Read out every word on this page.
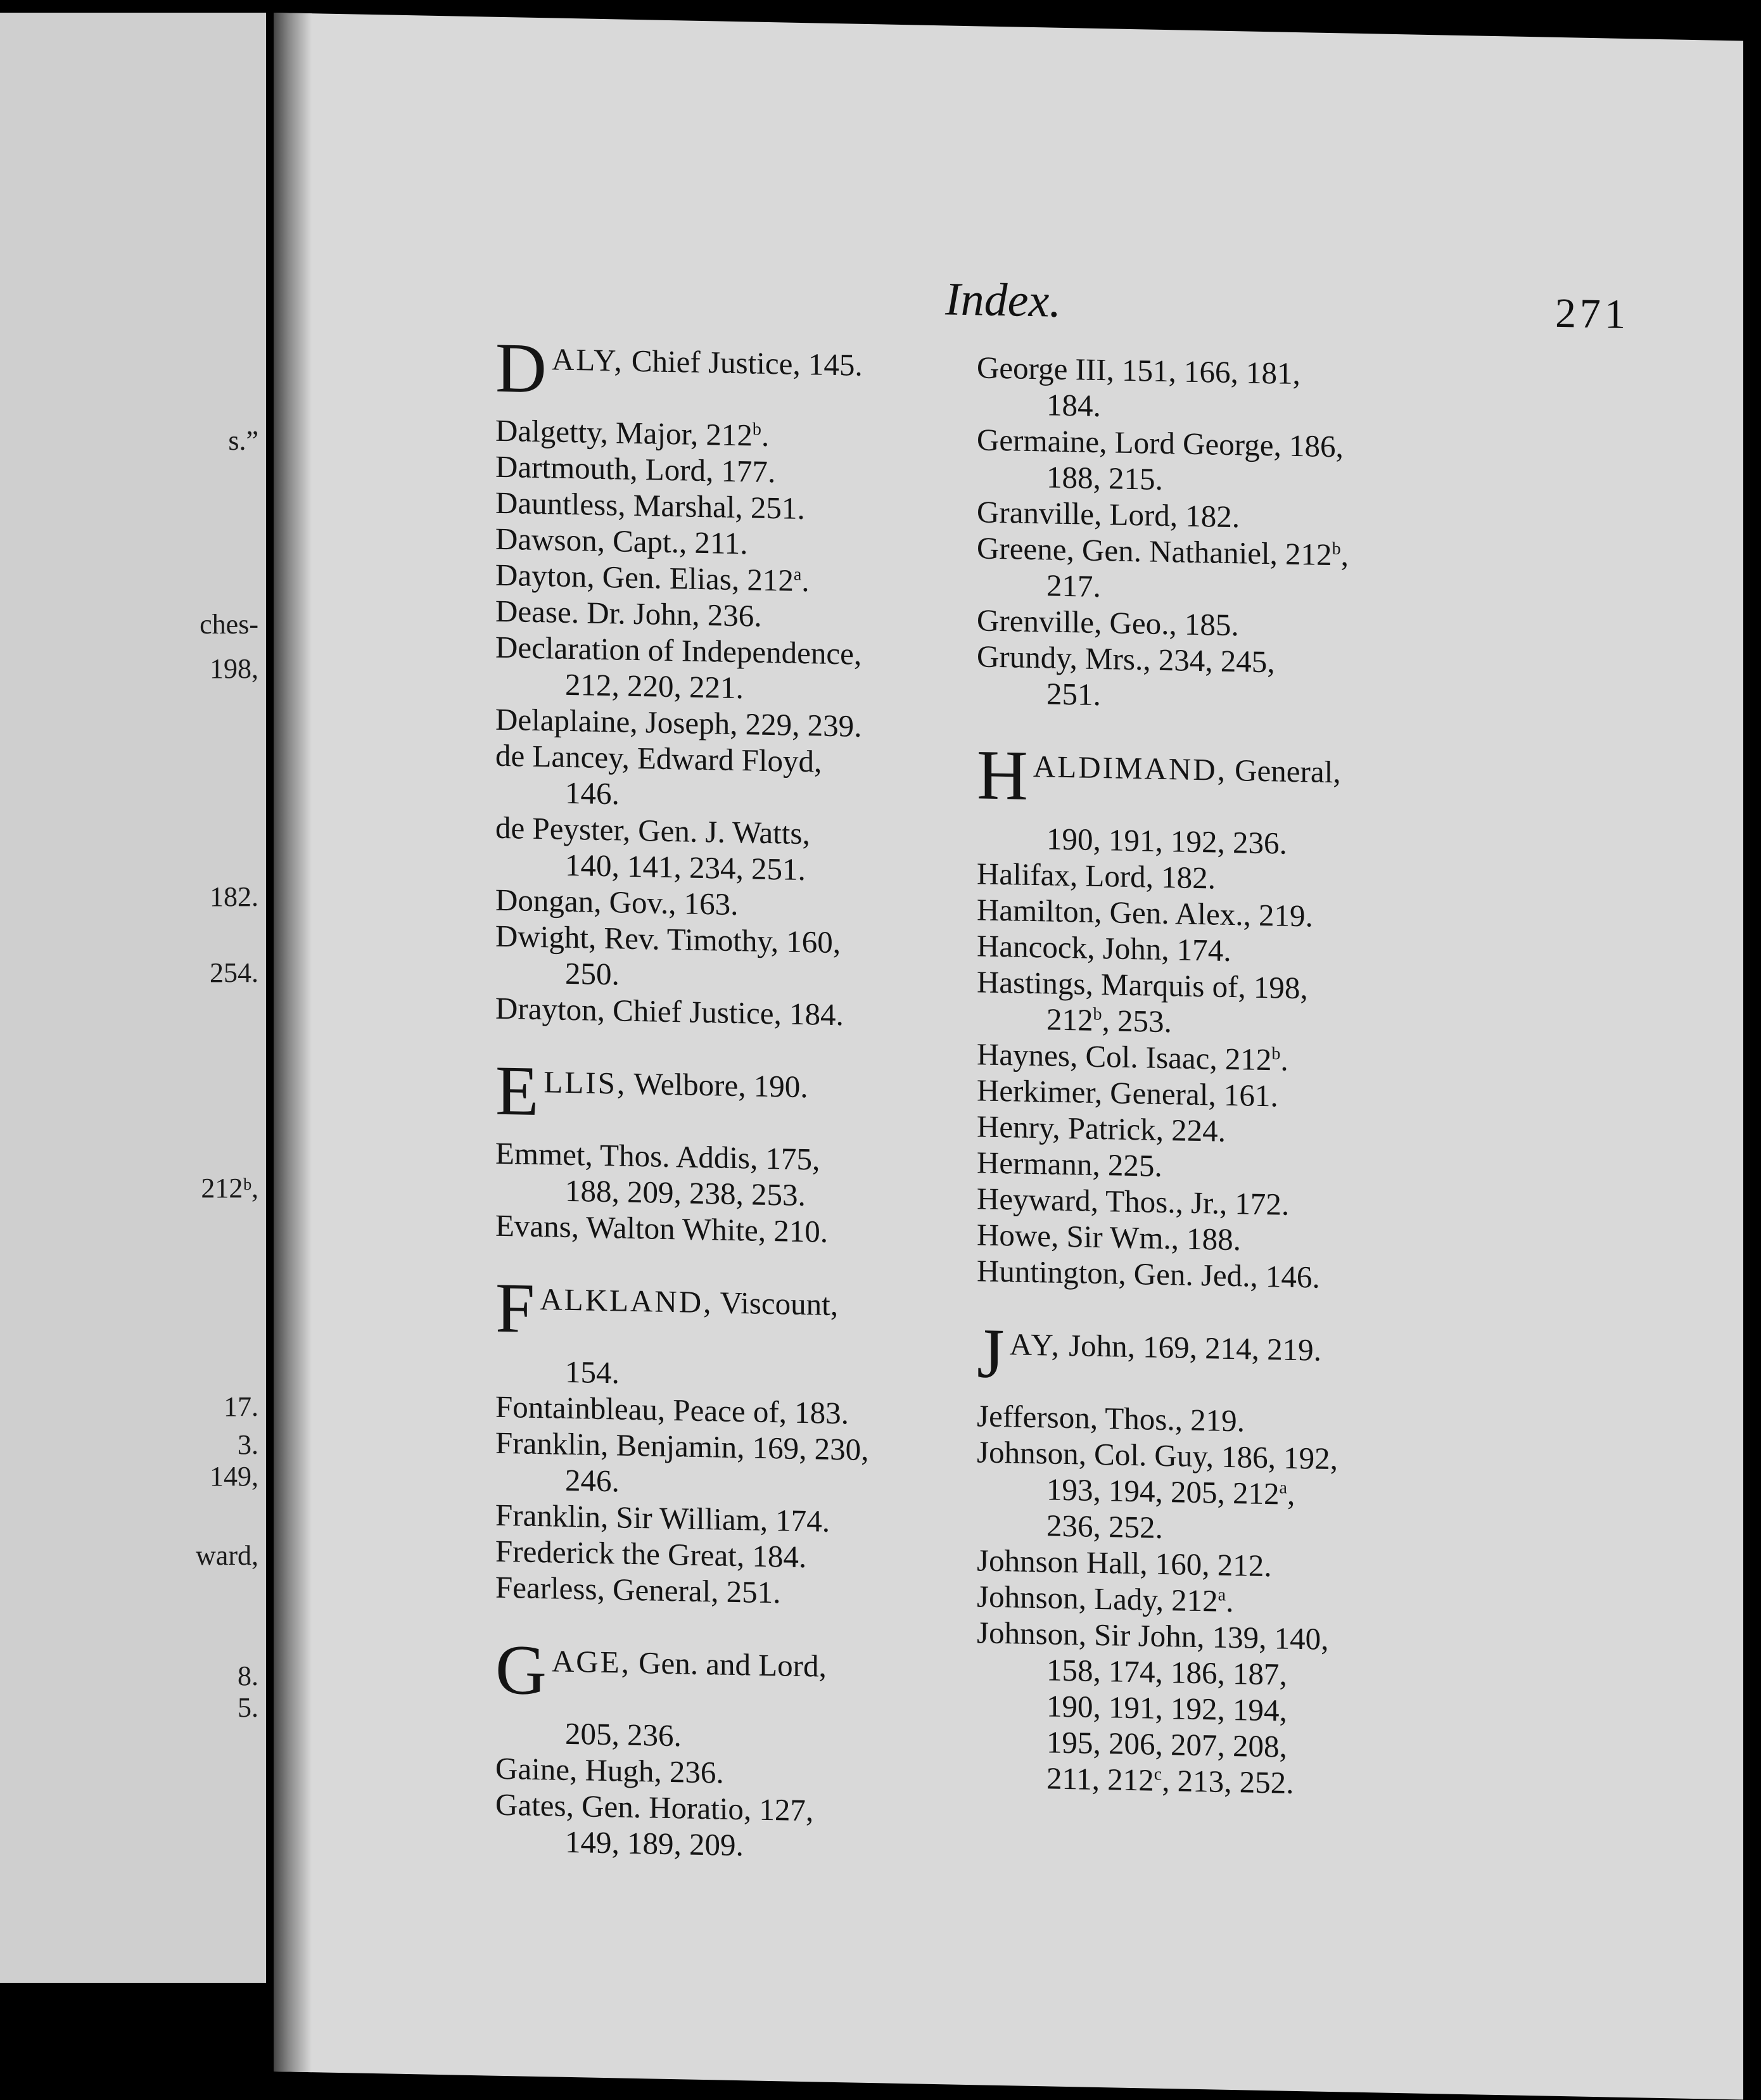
s.”
ches-
198,
182.
254.
212ᵇ,
17.
3.
149,
ward,
8.
5.
Index.	271
DALY, Chief Justice, 145.
Dalgetty, Major, 212$^b$.
Dartmouth, Lord, 177.
Dauntless, Marshal, 251.
Dawson, Capt., 211.
Dayton, Gen. Elias, 212$^a$.
Dease. Dr. John, 236.
Declaration of Independence,
212, 220, 221.
Delaplaine, Joseph, 229, 239.
de Lancey, Edward Floyd,
146.
de Peyster, Gen. J. Watts,
140, 141, 234, 251.
Dongan, Gov., 163.
Dwight, Rev. Timothy, 160,
250.
Drayton, Chief Justice, 184.
ELLIS, Welbore, 190.
Emmet, Thos. Addis, 175,
188, 209, 238, 253.
Evans, Walton White, 210.
FALKLAND, Viscount,
154.
Fontainbleau, Peace of, 183.
Franklin, Benjamin, 169, 230,
246.
Franklin, Sir William, 174.
Frederick the Great, 184.
Fearless, General, 251.
GAGE, Gen. and Lord,
205, 236.
Gaine, Hugh, 236.
Gates, Gen. Horatio, 127,
149, 189, 209.
George III, 151, 166, 181,
184.
Germaine, Lord George, 186,
188, 215.
Granville, Lord, 182.
Greene, Gen. Nathaniel, 212$^b$,
217.
Grenville, Geo., 185.
Grundy, Mrs., 234, 245,
251.
HALDIMAND, General,
190, 191, 192, 236.
Halifax, Lord, 182.
Hamilton, Gen. Alex., 219.
Hancock, John, 174.
Hastings, Marquis of, 198,
212$^b$, 253.
Haynes, Col. Isaac, 212$^b$.
Herkimer, General, 161.
Henry, Patrick, 224.
Hermann, 225.
Heyward, Thos., Jr., 172.
Howe, Sir Wm., 188.
Huntington, Gen. Jed., 146.
JAY, John, 169, 214, 219.
Jefferson, Thos., 219.
Johnson, Col. Guy, 186, 192,
193, 194, 205, 212$^a$,
236, 252.
Johnson Hall, 160, 212.
Johnson, Lady, 212$^a$.
Johnson, Sir John, 139, 140,
158, 174, 186, 187,
190, 191, 192, 194,
195, 206, 207, 208,
211, 212$^c$, 213, 252.
